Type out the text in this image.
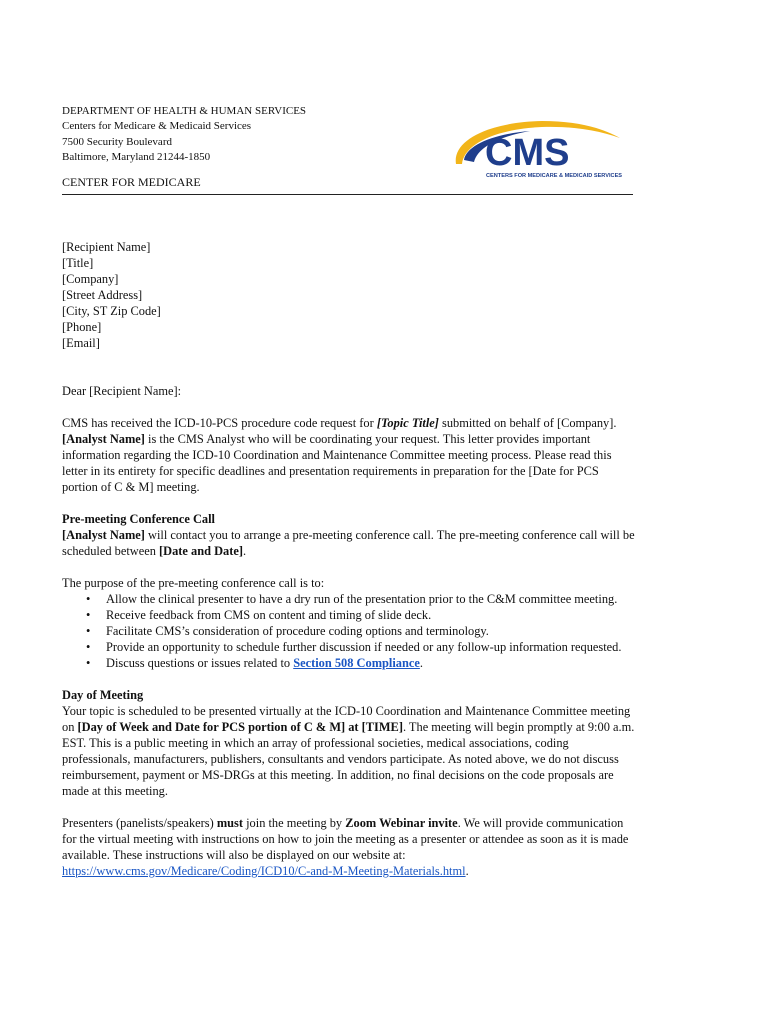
DEPARTMENT OF HEALTH & HUMAN SERVICES
Centers for Medicare & Medicaid Services
7500 Security Boulevard
Baltimore, Maryland 21244-1850	CMS
CENTERS FOR MEDICARE & MEDICAID SERVICES
CENTER FOR MEDICARE
[Recipient Name]
[Title]
[Company]
[Street Address]
[City, ST Zip Code]
[Phone]
[Email]

Dear [Recipient Name]:

CMS has received the ICD-10-PCS procedure code request for [Topic Title] submitted on behalf of [Company]. [Analyst Name] is the CMS Analyst who will be coordinating your request. This letter provides important information regarding the ICD-10 Coordination and Maintenance Committee meeting process. Please read this letter in its entirety for specific deadlines and presentation requirements in preparation for the [Date for PCS portion of C & M] meeting.

Pre-meeting Conference Call

[Analyst Name] will contact you to arrange a pre-meeting conference call. The pre-meeting conference call will be scheduled between [Date and Date].

The purpose of the pre-meeting conference call is to:

• Allow the clinical presenter to have a dry run of the presentation prior to the C&M committee meeting.
• Receive feedback from CMS on content and timing of slide deck.
• Facilitate CMS’s consideration of procedure coding options and terminology.
• Provide an opportunity to schedule further discussion if needed or any follow-up information requested.
• Discuss questions or issues related to Section 508 Compliance.

Day of Meeting

Your topic is scheduled to be presented virtually at the ICD-10 Coordination and Maintenance Committee meeting on [Day of Week and Date for PCS portion of C & M] at [TIME]. The meeting will begin promptly at 9:00 a.m. EST. This is a public meeting in which an array of professional societies, medical associations, coding professionals, manufacturers, publishers, consultants and vendors participate. As noted above, we do not discuss reimbursement, payment or MS-DRGs at this meeting. In addition, no final decisions on the code proposals are made at this meeting.

Presenters (panelists/speakers) must join the meeting by Zoom Webinar invite. We will provide communication for the virtual meeting with instructions on how to join the meeting as a presenter or attendee as soon as it is made available. These instructions will also be displayed on our website at: https://www.cms.gov/Medicare/Coding/ICD10/C-and-M-Meeting-Materials.html.
